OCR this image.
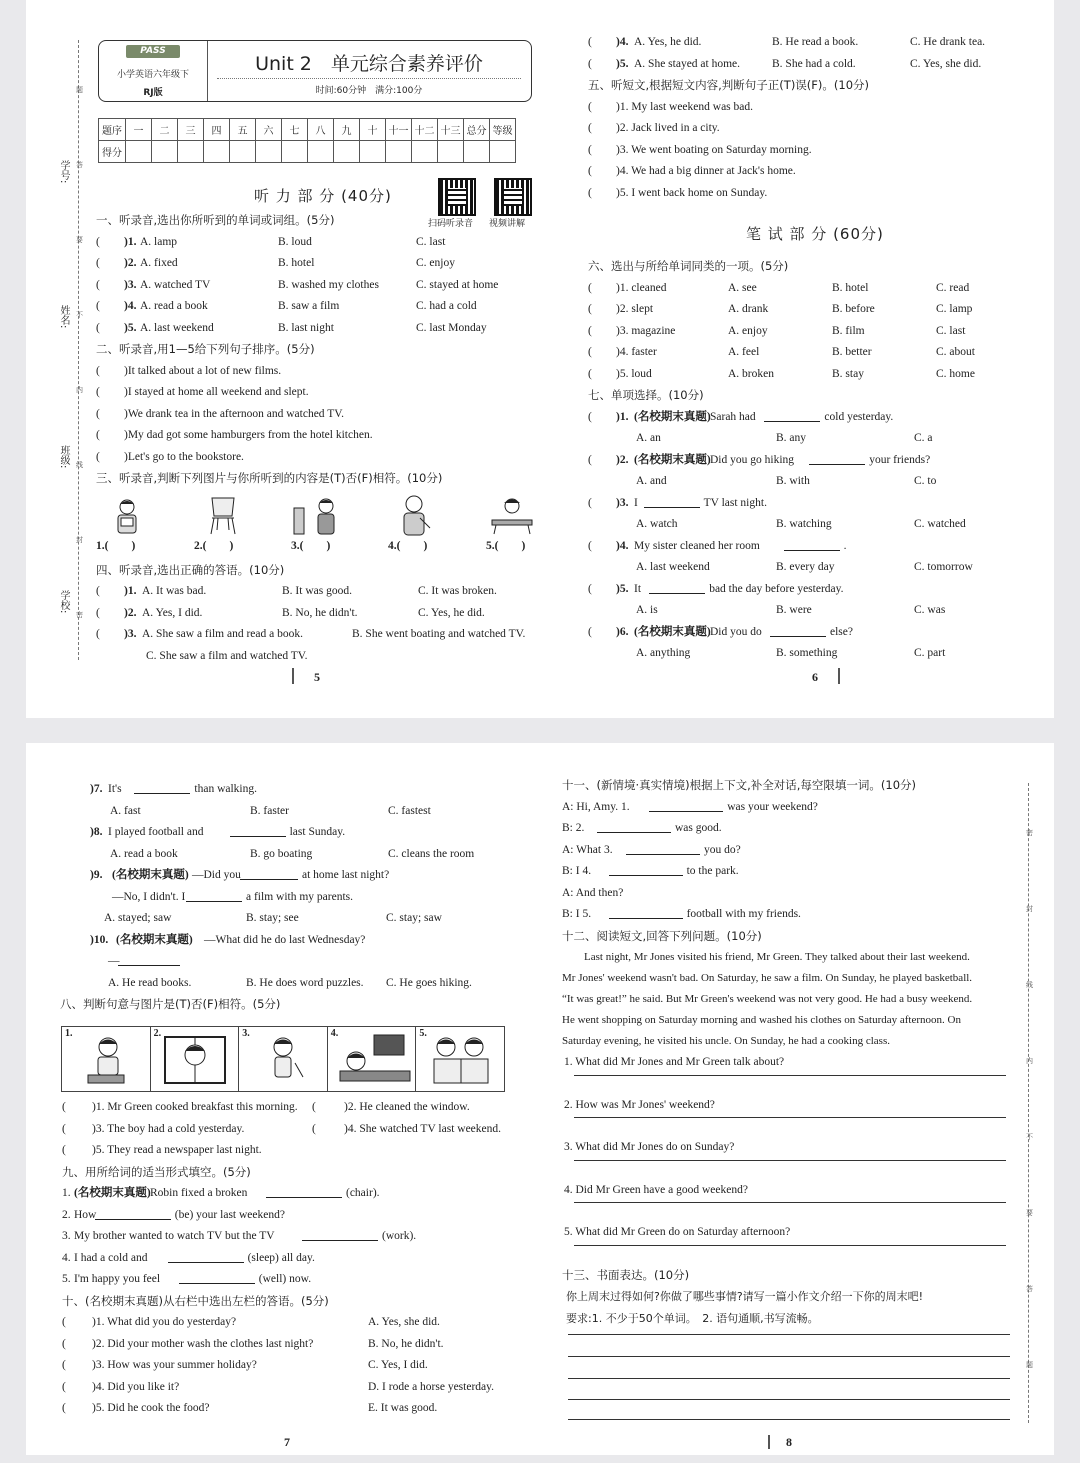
学号:
姓名:
班级:
学校:
题
答
要
不
内
线
封
密
PASS
小学英语六年级下
RJ版
Unit 2　单元综合素养评价
时间:60分钟　 满分:100分
题序	一	二	三	四	五	六	七	八	九	十	十一	十二	十三	总分	等级
得分															
听 力 部 分 (40分)
扫码听录音 视频讲解
一、听录音,选出你所听到的单词或词组。(5分)
( )1. A. lamp	B. loud	C. last
( )2. A. fixed	B. hotel	C. enjoy
( )3. A. watched TV	B. washed my clothes	C. stayed at home
( )4. A. read a book	B. saw a film	C. had a cold
( )5. A. last weekend	B. last night	C. last Monday
二、听录音,用1—5给下列句子排序。(5分)
( )It talked about a lot of new films.
( )I stayed at home all weekend and slept.
( )We drank tea in the afternoon and watched TV.
( )My dad got some hamburgers from the hotel kitchen.
( )Let's go to the bookstore.
三、听录音,判断下列图片与你所听到的内容是(T)否(F)相符。(10分)
1.(　　)	2.(　　)	3.(　　)	4.(　　)	5.(　　)
四、听录音,选出正确的答语。(10分)
( )1. A. It was bad.	B. It was good.	C. It was broken.
( )2. A. Yes, I did.	B. No, he didn't.	C. Yes, he did.
( )3. A. She saw a film and read a book.	B. She went boating and watched TV.
C. She saw a film and watched TV.
5
( )4. A. Yes, he did.	B. He read a book.	C. He drank tea.
( )5. A. She stayed at home.	B. She had a cold.	C. Yes, she did.
五、听短文,根据短文内容,判断句子正(T)误(F)。(10分)
( )1. My last weekend was bad.
( )2. Jack lived in a city.
( )3. We went boating on Saturday morning.
( )4. We had a big dinner at Jack's home.
( )5. I went back home on Sunday.
笔 试 部 分 (60分)
六、选出与所给单词同类的一项。(5分)
( )1. cleaned	A. see	B. hotel	C. read
( )2. slept	A. drank	B. before	C. lamp
( )3. magazine	A. enjoy	B. film	C. last
( )4. faster	A. feel	B. better	C. about
( )5. loud	A. broken	B. stay	C. home
七、单项选择。(10分)
( )1. (名校期末真题) Sarah had	cold yesterday.
A. an	B. any	C. a
( )2. (名校期末真题) Did you go hiking	your friends?
A. and	B. with	C. to
( )3. I	TV last night.
A. watch	B. watching	C. watched
( )4. My sister cleaned her room	.
A. last weekend	B. every day	C. tomorrow
( )5. It	bad the day before yesterday.
A. is	B. were	C. was
( )6. (名校期末真题) Did you do	else?
A. anything	B. something	C. part
6
)7. It's	than walking.
A. fast	B. faster	C. fastest
)8. I played football and	last Sunday.
A. read a book	B. go boating	C. cleans the room
)9. (名校期末真题) —Did you	at home last night?
—No, I didn't. I	a film with my parents.
A. stayed; saw	B. stay; see	C. stay; saw
)10. (名校期末真题) —What did he do last Wednesday?
—
A. He read books.	B. He does word puzzles. C. He goes hiking.
八、判断句意与图片是(T)否(F)相符。(5分)
1.	2.	3.	4.	5.
( )1. Mr Green cooked breakfast this morning. ( )2. He cleaned the window.
( )3. The boy had a cold yesterday.	( )4. She watched TV last weekend.
( )5. They read a newspaper last night.
九、用所给词的适当形式填空。(5分)
1. (名校期末真题) Robin fixed a broken	(chair).
2. How	(be) your last weekend?
3. My brother wanted to watch TV but the TV	(work).
4. I had a cold and	(sleep) all day.
5. I'm happy you feel	(well) now.
十、(名校期末真题)从右栏中选出左栏的答语。(5分)
( )1. What did you do yesterday?	A. Yes, she did.
( )2. Did your mother wash the clothes last night?	B. No, he didn't.
( )3. How was your summer holiday?	C. Yes, I did.
( )4. Did you like it?	D. I rode a horse yesterday.
( )5. Did he cook the food?	E. It was good.
7
十一、(新情境·真实情境)根据上下文,补全对话,每空限填一词。(10分)
A: Hi, Amy. 1.	was your weekend?
B: 2.	was good.
A: What 3.	you do?
B: I 4.	to the park.
A: And then?
B: I 5.	football with my friends.
十二、阅读短文,回答下列问题。(10分)
Last night, Mr Jones visited his friend, Mr Green. They talked about their last weekend.
Mr Jones' weekend wasn't bad. On Saturday, he saw a film. On Sunday, he played basketball.
“It was great!” he said. But Mr Green's weekend was not very good. He had a busy weekend.
He went shopping on Saturday morning and washed his clothes on Saturday afternoon. On
Saturday evening, he visited his uncle. On Sunday, he had a cooking class.
1. What did Mr Jones and Mr Green talk about?
2. How was Mr Jones' weekend?
3. What did Mr Jones do on Sunday?
4. Did Mr Green have a good weekend?
5. What did Mr Green do on Saturday afternoon?
十三、书面表达。(10分)
你上周末过得如何?你做了哪些事情?请写一篇小作文介绍一下你的周末吧!
要求:1. 不少于50个单词。　2. 语句通顺,书写流畅。
密
封
线
内
不
要
答
题
8
